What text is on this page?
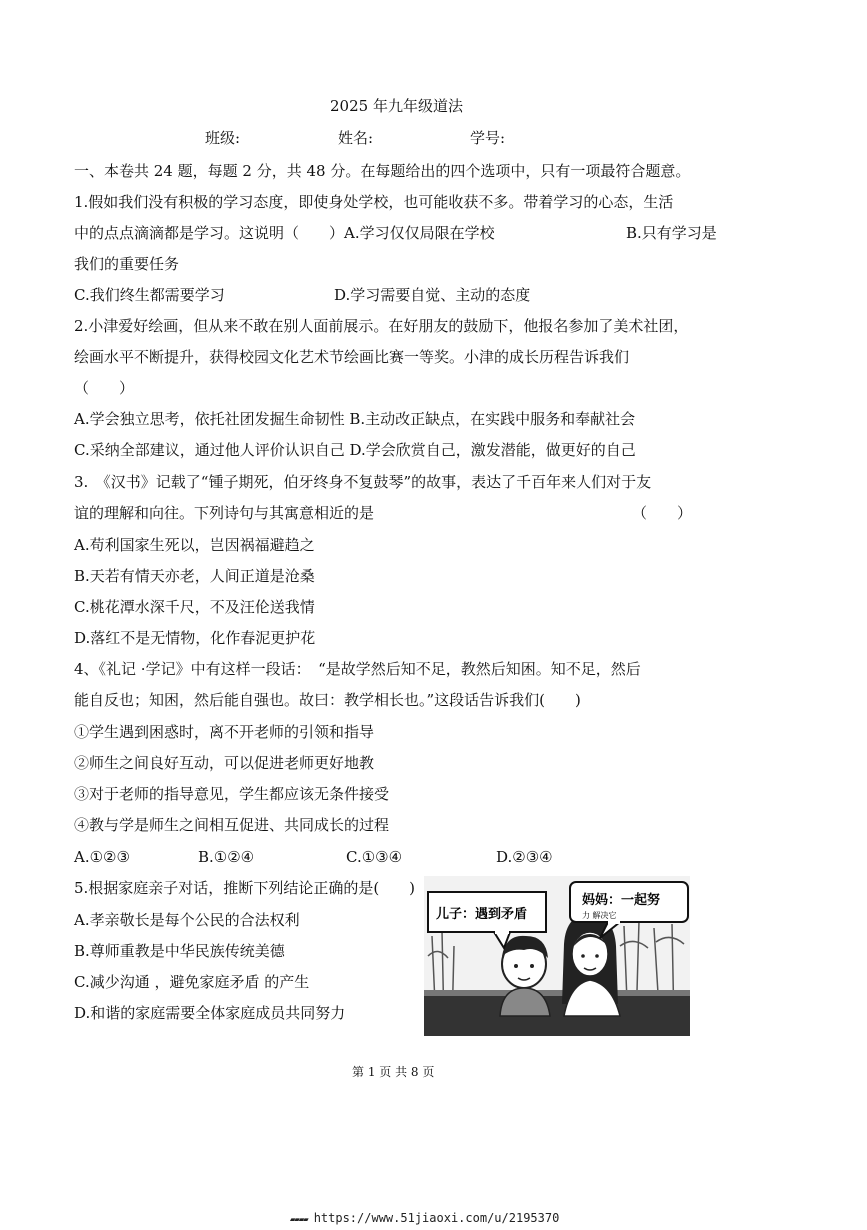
2025 年九年级道法
班级:	姓名:	学号:
一、本卷共 24 题，每题 2 分，共 48 分。在每题给出的四个选项中，只有一项最符合题意。
1.假如我们没有积极的学习态度，即使身处学校，也可能收获不多。带着学习的心态，生活
中的点点滴滴都是学习。这说明（　　）A.学习仅仅局限在学校	B.只有学习是
我们的重要任务
C.我们终生都需要学习	D.学习需要自觉、主动的态度
2.小津爱好绘画，但从来不敢在别人面前展示。在好朋友的鼓励下，他报名参加了美术社团，
绘画水平不断提升，获得校园文化艺术节绘画比赛一等奖。小津的成长历程告诉我们
（　　）
A.学会独立思考，依托社团发掘生命韧性 B.主动改正缺点，在实践中服务和奉献社会
C.采纳全部建议，通过他人评价认识自己 D.学会欣赏自己，激发潜能，做更好的自己
3.　《汉书》记载了“锺子期死，伯牙终身不复鼓琴”的故事，表达了千百年来人们对于友
谊的理解和向往。下列诗句与其寓意相近的是	（　　）
A.苟利国家生死以，岂因祸福避趋之
B.天若有情天亦老，人间正道是沧桑
C.桃花潭水深千尺，不及汪伦送我情
D.落红不是无情物，化作春泥更护花
4、《礼记 ·学记》中有这样一段话：　“是故学然后知不足，教然后知困。知不足，然后
能自反也；知困，然后能自强也。故曰：教学相长也。”这段话告诉我们(　　)
①学生遇到困惑时，离不开老师的引领和指导
②师生之间良好互动，可以促进老师更好地教
③对于老师的指导意见，学生都应该无条件接受
④教与学是师生之间相互促进、共同成长的过程
A.①②③	B.①②④	C.①③④	D.②③④
5.根据家庭亲子对话，推断下列结论正确的是(　　)
A.孝亲敬长是每个公民的合法权利
B.尊师重教是中华民族传统美德
C.减少沟通 ，避免家庭矛盾 的产生
D.和谐的家庭需要全体家庭成员共同努力
儿子：遇到矛盾
妈妈：一起努
力 解决它
第 1 页 共 8 页
▰▰▰▰ https://www.51jiaoxi.com/u/2195370
